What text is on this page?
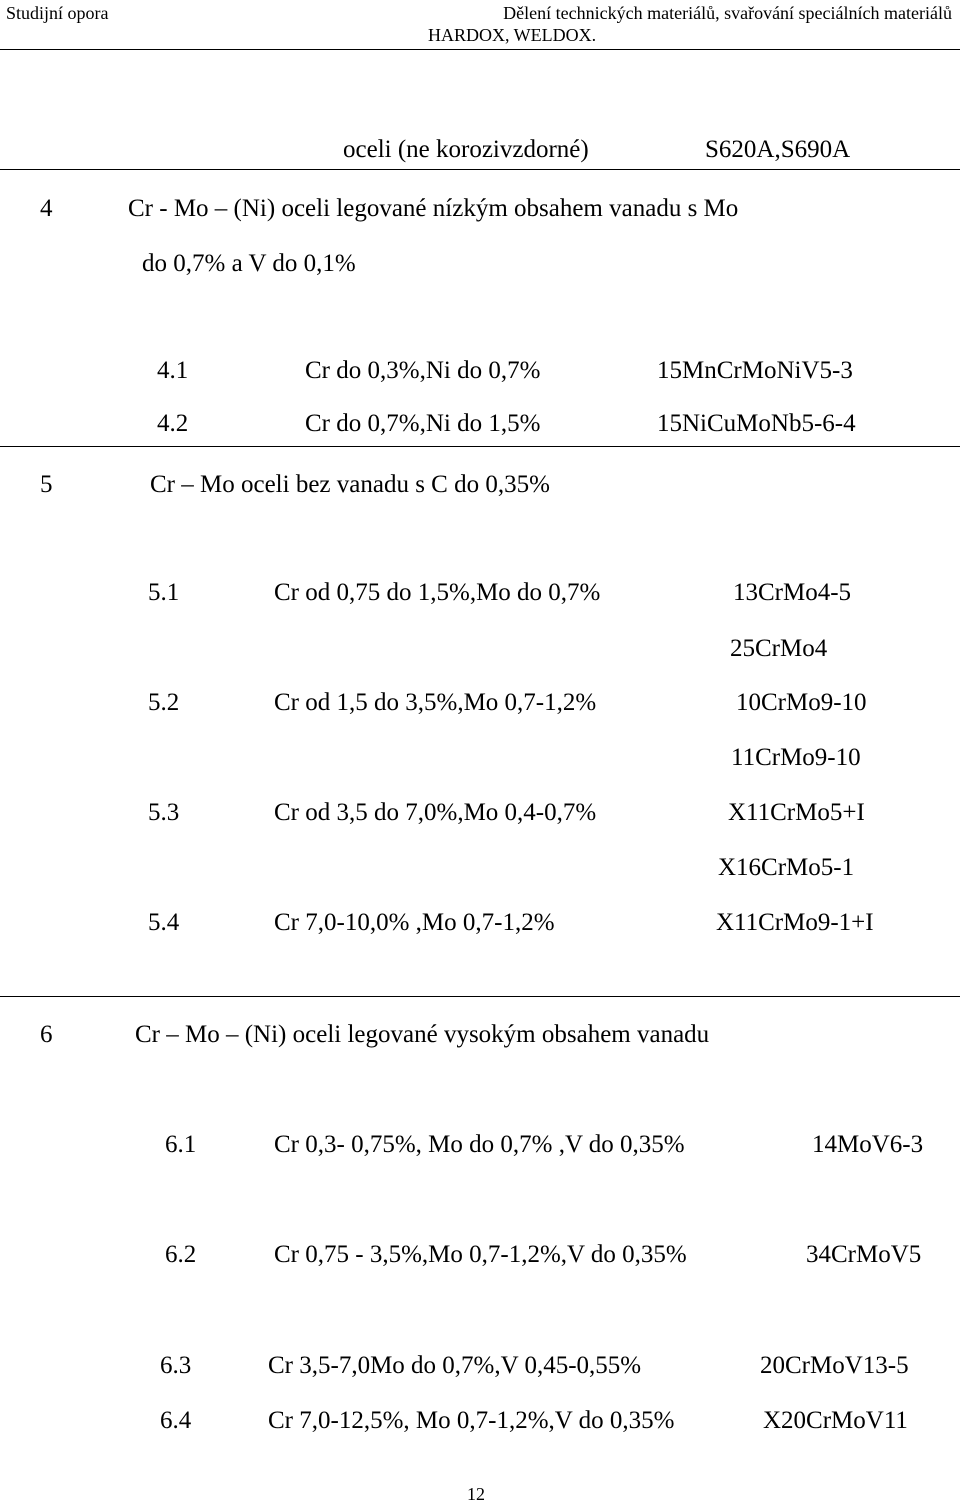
Studijní opora	Dělení technických materiálů, svařování speciálních materiálů
HARDOX, WELDOX.
oceli (ne korozivzdorné)	S620A,S690A
4	Cr - Mo – (Ni) oceli legované nízkým obsahem vanadu s Mo
do 0,7% a V do 0,1%
4.1	Cr do 0,3%,Ni do 0,7%	15MnCrMoNiV5-3
4.2	Cr do 0,7%,Ni do 1,5%	15NiCuMoNb5-6-4
5	Cr – Mo oceli bez vanadu s C do 0,35%
5.1	Cr od 0,75 do 1,5%,Mo do 0,7%	13CrMo4-5
25CrMo4
5.2	Cr od 1,5 do 3,5%,Mo 0,7-1,2%	10CrMo9-10
11CrMo9-10
5.3	Cr od 3,5 do 7,0%,Mo 0,4-0,7%	X11CrMo5+I
X16CrMo5-1
5.4	Cr 7,0-10,0% ,Mo 0,7-1,2%	X11CrMo9-1+I
6	Cr – Mo – (Ni) oceli legované vysokým obsahem vanadu
6.1	Cr 0,3- 0,75%, Mo do 0,7% ,V do 0,35%	14MoV6-3
6.2	Cr 0,75 - 3,5%,Mo 0,7-1,2%,V do 0,35%	34CrMoV5
6.3	Cr 3,5-7,0Mo do 0,7%,V 0,45-0,55%	20CrMoV13-5
6.4	Cr 7,0-12,5%, Mo 0,7-1,2%,V do 0,35%	X20CrMoV11
12
